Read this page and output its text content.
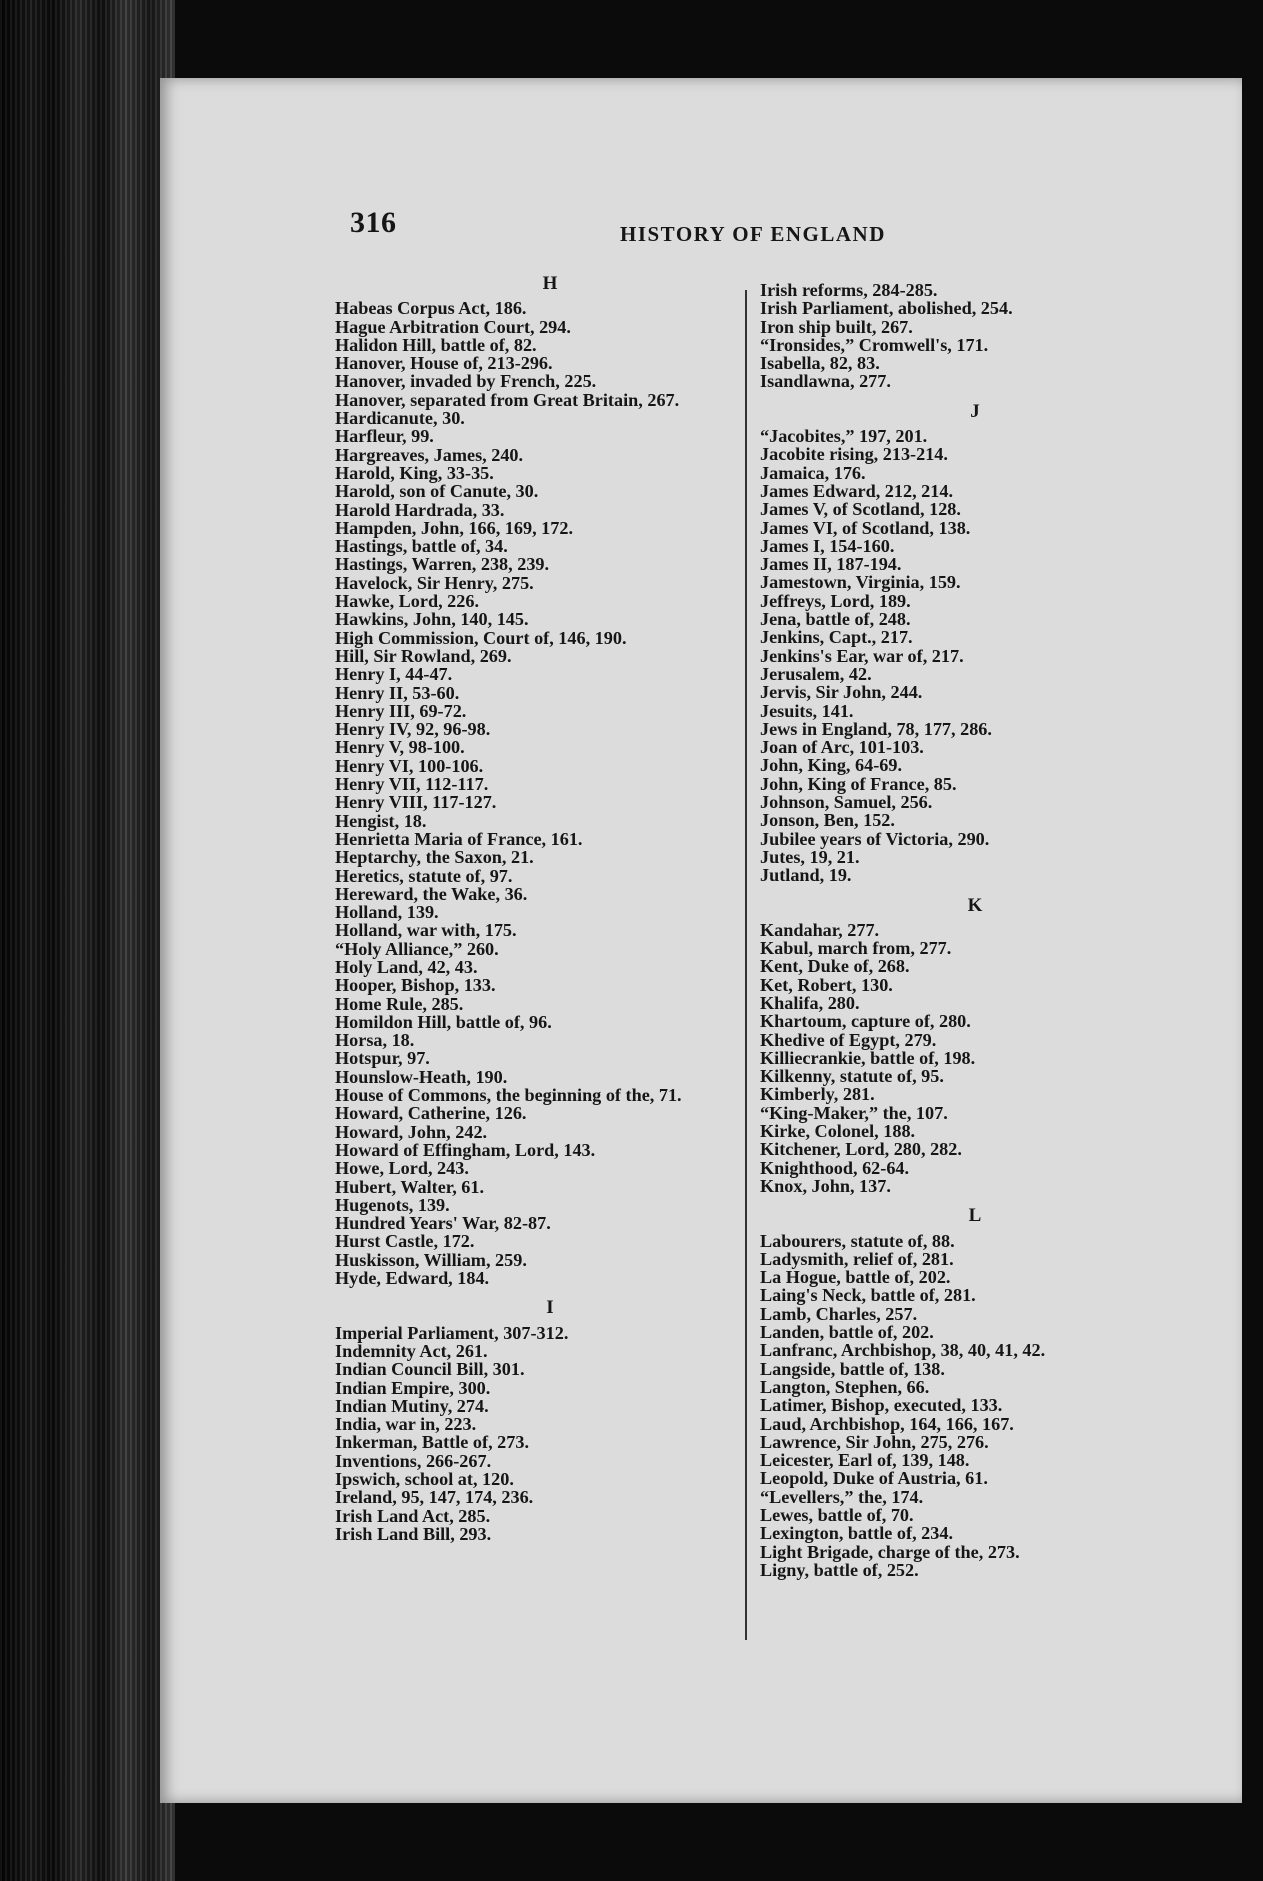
316	HISTORY OF ENGLAND
H
Habeas Corpus Act, 186.
Hague Arbitration Court, 294.
Halidon Hill, battle of, 82.
Hanover, House of, 213-296.
Hanover, invaded by French, 225.
Hanover, separated from Great Britain, 267.
Hardicanute, 30.
Harfleur, 99.
Hargreaves, James, 240.
Harold, King, 33-35.
Harold, son of Canute, 30.
Harold Hardrada, 33.
Hampden, John, 166, 169, 172.
Hastings, battle of, 34.
Hastings, Warren, 238, 239.
Havelock, Sir Henry, 275.
Hawke, Lord, 226.
Hawkins, John, 140, 145.
High Commission, Court of, 146, 190.
Hill, Sir Rowland, 269.
Henry I, 44-47.
Henry II, 53-60.
Henry III, 69-72.
Henry IV, 92, 96-98.
Henry V, 98-100.
Henry VI, 100-106.
Henry VII, 112-117.
Henry VIII, 117-127.
Hengist, 18.
Henrietta Maria of France, 161.
Heptarchy, the Saxon, 21.
Heretics, statute of, 97.
Hereward, the Wake, 36.
Holland, 139.
Holland, war with, 175.
“Holy Alliance,” 260.
Holy Land, 42, 43.
Hooper, Bishop, 133.
Home Rule, 285.
Homildon Hill, battle of, 96.
Horsa, 18.
Hotspur, 97.
Hounslow-Heath, 190.
House of Commons, the beginning of the, 71.
Howard, Catherine, 126.
Howard, John, 242.
Howard of Effingham, Lord, 143.
Howe, Lord, 243.
Hubert, Walter, 61.
Hugenots, 139.
Hundred Years' War, 82-87.
Hurst Castle, 172.
Huskisson, William, 259.
Hyde, Edward, 184.
I
Imperial Parliament, 307-312.
Indemnity Act, 261.
Indian Council Bill, 301.
Indian Empire, 300.
Indian Mutiny, 274.
India, war in, 223.
Inkerman, Battle of, 273.
Inventions, 266-267.
Ipswich, school at, 120.
Ireland, 95, 147, 174, 236.
Irish Land Act, 285.
Irish Land Bill, 293.
Irish reforms, 284-285.
Irish Parliament, abolished, 254.
Iron ship built, 267.
“Ironsides,” Cromwell's, 171.
Isabella, 82, 83.
Isandlawna, 277.
J
“Jacobites,” 197, 201.
Jacobite rising, 213-214.
Jamaica, 176.
James Edward, 212, 214.
James V, of Scotland, 128.
James VI, of Scotland, 138.
James I, 154-160.
James II, 187-194.
Jamestown, Virginia, 159.
Jeffreys, Lord, 189.
Jena, battle of, 248.
Jenkins, Capt., 217.
Jenkins's Ear, war of, 217.
Jerusalem, 42.
Jervis, Sir John, 244.
Jesuits, 141.
Jews in England, 78, 177, 286.
Joan of Arc, 101-103.
John, King, 64-69.
John, King of France, 85.
Johnson, Samuel, 256.
Jonson, Ben, 152.
Jubilee years of Victoria, 290.
Jutes, 19, 21.
Jutland, 19.
K
Kandahar, 277.
Kabul, march from, 277.
Kent, Duke of, 268.
Ket, Robert, 130.
Khalifa, 280.
Khartoum, capture of, 280.
Khedive of Egypt, 279.
Killiecrankie, battle of, 198.
Kilkenny, statute of, 95.
Kimberly, 281.
“King-Maker,” the, 107.
Kirke, Colonel, 188.
Kitchener, Lord, 280, 282.
Knighthood, 62-64.
Knox, John, 137.
L
Labourers, statute of, 88.
Ladysmith, relief of, 281.
La Hogue, battle of, 202.
Laing's Neck, battle of, 281.
Lamb, Charles, 257.
Landen, battle of, 202.
Lanfranc, Archbishop, 38, 40, 41, 42.
Langside, battle of, 138.
Langton, Stephen, 66.
Latimer, Bishop, executed, 133.
Laud, Archbishop, 164, 166, 167.
Lawrence, Sir John, 275, 276.
Leicester, Earl of, 139, 148.
Leopold, Duke of Austria, 61.
“Levellers,” the, 174.
Lewes, battle of, 70.
Lexington, battle of, 234.
Light Brigade, charge of the, 273.
Ligny, battle of, 252.
